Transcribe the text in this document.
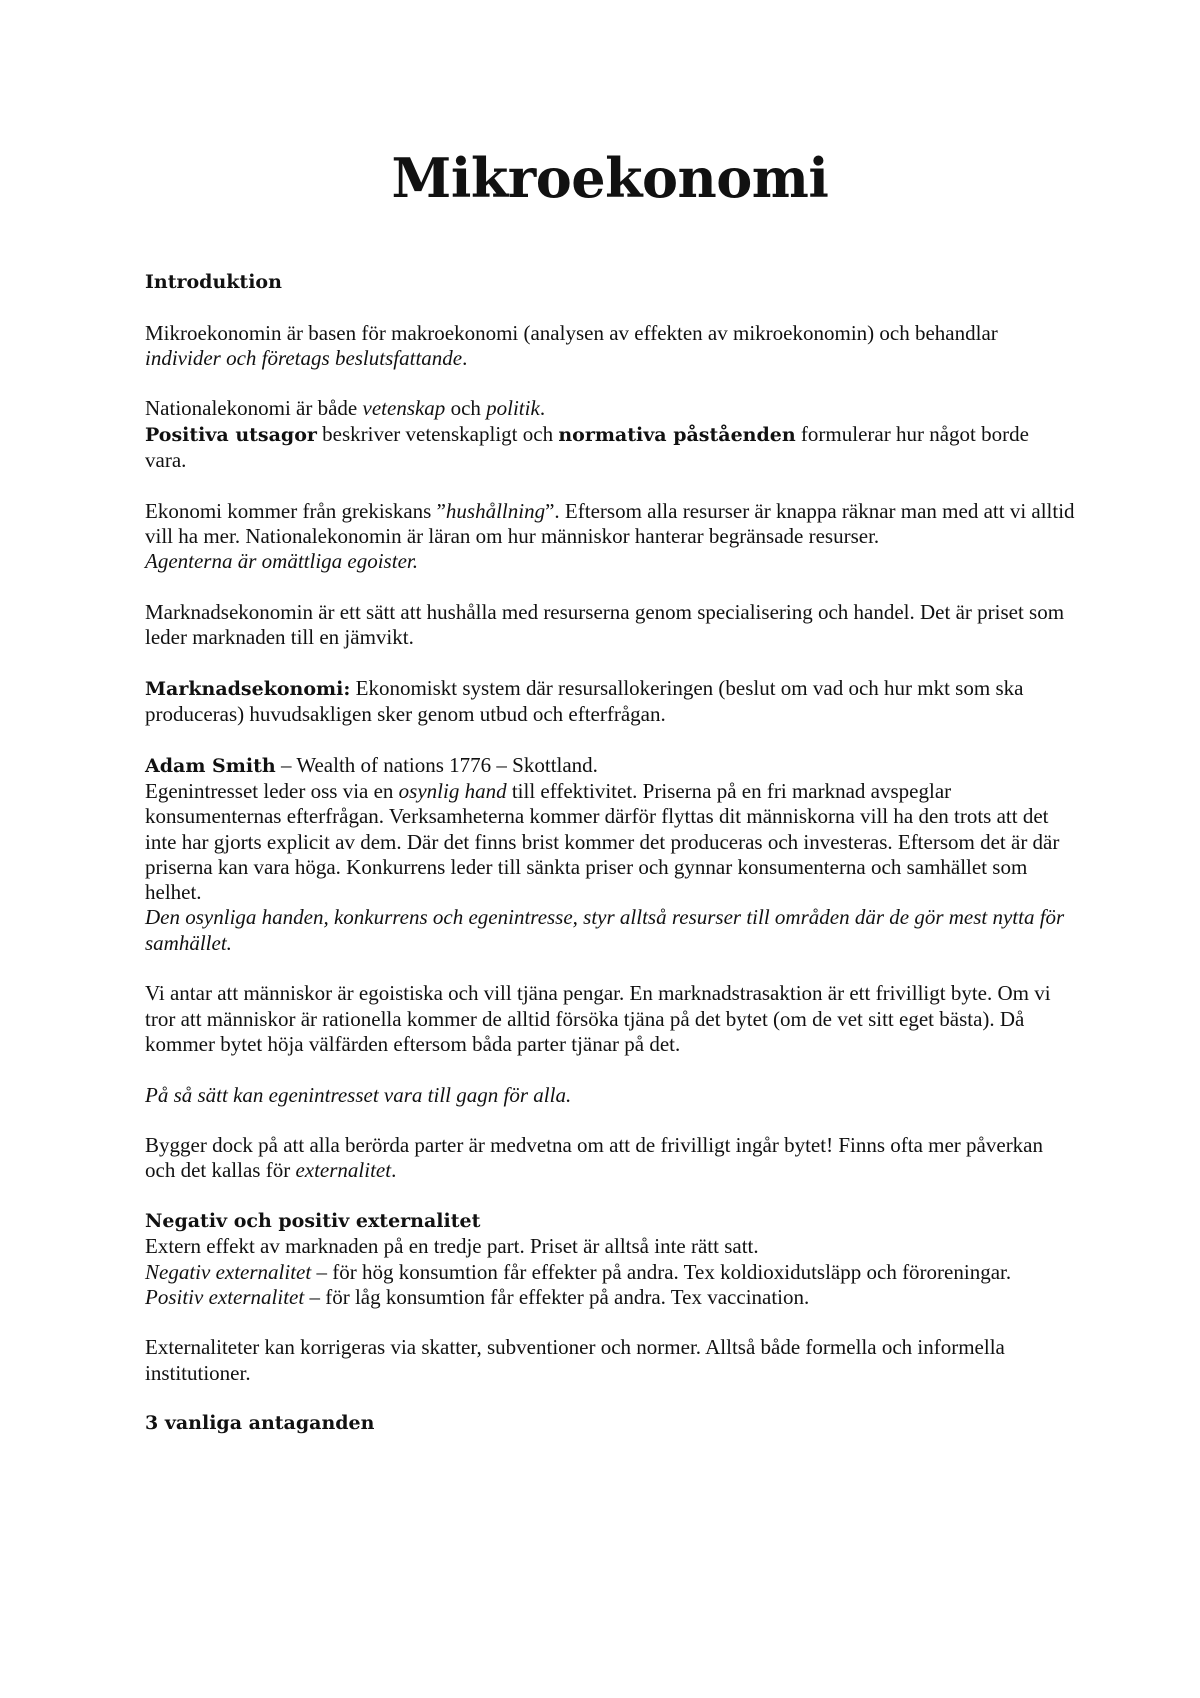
Mikroekonomi

Introduktion

Mikroekonomin är basen för makroekonomi (analysen av effekten av mikroekonomin) och behandlar individer och företags beslutsfattande.

Nationalekonomi är både vetenskap och politik.

Positiva utsagor beskriver vetenskapligt och normativa påståenden formulerar hur något borde vara.

Ekonomi kommer från grekiskans ”hushållning”. Eftersom alla resurser är knappa räknar man med att vi alltid vill ha mer. Nationalekonomin är läran om hur människor hanterar begränsade resurser.

Agenterna är omättliga egoister.

Marknadsekonomin är ett sätt att hushålla med resurserna genom specialisering och handel. Det är priset som leder marknaden till en jämvikt.

Marknadsekonomi: Ekonomiskt system där resursallokeringen (beslut om vad och hur mkt som ska produceras) huvudsakligen sker genom utbud och efterfrågan.

Adam Smith – Wealth of nations 1776 – Skottland.

Egenintresset leder oss via en osynlig hand till effektivitet. Priserna på en fri marknad avspeglar konsumenternas efterfrågan. Verksamheterna kommer därför flyttas dit människorna vill ha den trots att det inte har gjorts explicit av dem. Där det finns brist kommer det produceras och investeras. Eftersom det är där priserna kan vara höga. Konkurrens leder till sänkta priser och gynnar konsumenterna och samhället som helhet.

Den osynliga handen, konkurrens och egenintresse, styr alltså resurser till områden där de gör mest nytta för samhället.

Vi antar att människor är egoistiska och vill tjäna pengar. En marknadstrasaktion är ett frivilligt byte. Om vi tror att människor är rationella kommer de alltid försöka tjäna på det bytet (om de vet sitt eget bästa). Då kommer bytet höja välfärden eftersom båda parter tjänar på det.

På så sätt kan egenintresset vara till gagn för alla.

Bygger dock på att alla berörda parter är medvetna om att de frivilligt ingår bytet! Finns ofta mer påverkan och det kallas för externalitet.

Negativ och positiv externalitet

Extern effekt av marknaden på en tredje part. Priset är alltså inte rätt satt.

Negativ externalitet – för hög konsumtion får effekter på andra. Tex koldioxidutsläpp och föroreningar.

Positiv externalitet – för låg konsumtion får effekter på andra. Tex vaccination.

Externaliteter kan korrigeras via skatter, subventioner och normer. Alltså både formella och informella institutioner.

3 vanliga antaganden
